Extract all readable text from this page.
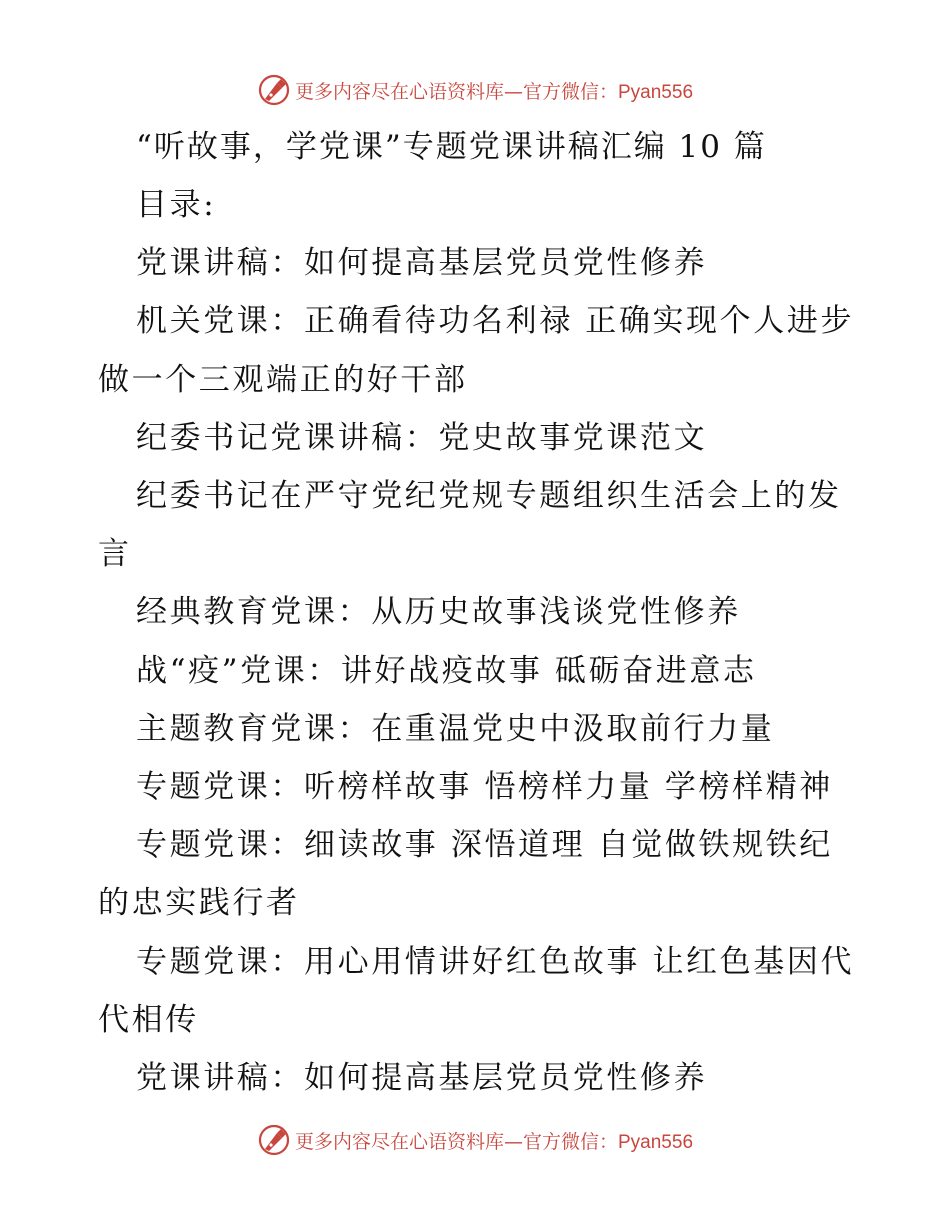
更多内容尽在心语资料库—官方微信：Pyan556
“听故事，学党课”专题党课讲稿汇编 10 篇

目录:

党课讲稿：如何提高基层党员党性修养

机关党课：正确看待功名利禄 正确实现个人进步 做一个三观端正的好干部

纪委书记党课讲稿：党史故事党课范文

纪委书记在严守党纪党规专题组织生活会上的发言

经典教育党课：从历史故事浅谈党性修养

战“疫”党课：讲好战疫故事 砥砺奋进意志

主题教育党课：在重温党史中汲取前行力量

专题党课：听榜样故事 悟榜样力量 学榜样精神

专题党课：细读故事 深悟道理 自觉做铁规铁纪的忠实践行者

专题党课：用心用情讲好红色故事 让红色基因代代相传

党课讲稿：如何提高基层党员党性修养

更多内容尽在心语资料库—官方微信：Pyan556
